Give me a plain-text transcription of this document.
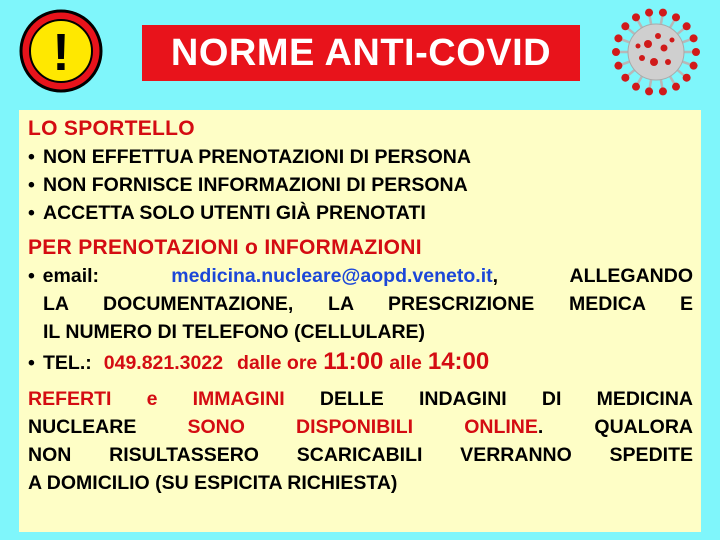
!	NORME ANTI-COVID
LO SPORTELLO
• NON EFFETTUA PRENOTAZIONI DI PERSONA
• NON FORNISCE INFORMAZIONI DI PERSONA
• ACCETTA SOLO UTENTI GIÀ PRENOTATI
PER PRENOTAZIONI o INFORMAZIONI
• email:	medicina.nucleare@aopd.veneto.it, ALLEGANDO
LA DOCUMENTAZIONE, LA PRESCRIZIONE MEDICA E
IL NUMERO DI TELEFONO (CELLULARE)
• TEL.: 049.821.3022 dalle ore 11:00 alle 14:00
REFERTI e IMMAGINI DELLE INDAGINI DI MEDICINA
NUCLEARE SONO DISPONIBILI ONLINE. QUALORA
NON RISULTASSERO SCARICABILI VERRANNO SPEDITE
A DOMICILIO (SU ESPICITA RICHIESTA)
